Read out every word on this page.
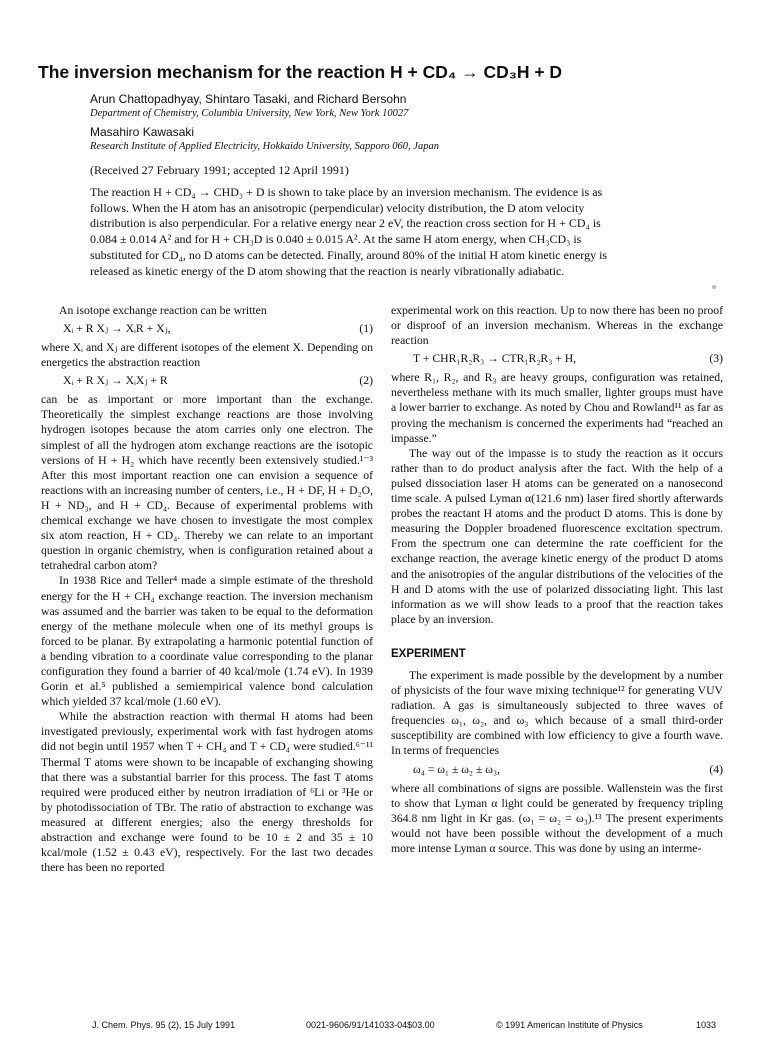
The inversion mechanism for the reaction H + CD₄ → CD₃H + D

Arun Chattopadhyay, Shintaro Tasaki, and Richard Bersohn

Department of Chemistry, Columbia University, New York, New York 10027

Masahiro Kawasaki

Research Institute of Applied Electricity, Hokkaido University, Sapporo 060, Japan

(Received 27 February 1991; accepted 12 April 1991)

The reaction H + CD₄ → CHD₃ + D is shown to take place by an inversion mechanism. The evidence is as follows. When the H atom has an anisotropic (perpendicular) velocity distribution, the D atom velocity distribution is also perpendicular. For a relative energy near 2 eV, the reaction cross section for H + CD₄ is 0.084 ± 0.014 A² and for H + CH₃D is 0.040 ± 0.015 A². At the same H atom energy, when CH₃CD₃ is substituted for CD₄, no D atoms can be detected. Finally, around 80% of the initial H atom kinetic energy is released as kinetic energy of the D atom showing that the reaction is nearly vibrationally adiabatic.

An isotope exchange reaction can be written

Xᵢ + R Xⱼ → XᵢR + Xⱼ,	(1)

where Xᵢ and Xⱼ are different isotopes of the element X. Depending on energetics the abstraction reaction

Xᵢ + R Xⱼ → XᵢXⱼ + R	(2)

can be as important or more important than the exchange. Theoretically the simplest exchange reactions are those involving hydrogen isotopes because the atom carries only one electron. The simplest of all the hydrogen atom exchange reactions are the isotopic versions of H + H₂ which have recently been extensively studied.¹⁻³ After this most important reaction one can envision a sequence of reactions with an increasing number of centers, i.e., H + DF, H + D₂O, H + ND₃, and H + CD₄. Because of experimental problems with chemical exchange we have chosen to investigate the most complex six atom reaction, H + CD₄. Thereby we can relate to an important question in organic chemistry, when is configuration retained about a tetrahedral carbon atom?

In 1938 Rice and Teller⁴ made a simple estimate of the threshold energy for the H + CH₄ exchange reaction. The inversion mechanism was assumed and the barrier was taken to be equal to the deformation energy of the methane molecule when one of its methyl groups is forced to be planar. By extrapolating a harmonic potential function of a bending vibration to a coordinate value corresponding to the planar configuration they found a barrier of 40 kcal/mole (1.74 eV). In 1939 Gorin et al.⁵ published a semiempirical valence bond calculation which yielded 37 kcal/mole (1.60 eV).

While the abstraction reaction with thermal H atoms had been investigated previously, experimental work with fast hydrogen atoms did not begin until 1957 when T + CH₄ and T + CD₄ were studied.⁶⁻¹¹ Thermal T atoms were shown to be incapable of exchanging showing that there was a substantial barrier for this process. The fast T atoms required were produced either by neutron irradiation of ⁶Li or ³He or by photodissociation of TBr. The ratio of abstraction to exchange was measured at different energies; also the energy thresholds for abstraction and exchange were found to be 10 ± 2 and 35 ± 10 kcal/mole (1.52 ± 0.43 eV), respectively. For the last two decades there has been no reported

experimental work on this reaction. Up to now there has been no proof or disproof of an inversion mechanism. Whereas in the exchange reaction

T + CHR₁R₂R₃ → CTR₁R₂R₃ + H,	(3)

where R₁, R₂, and R₃ are heavy groups, configuration was retained, nevertheless methane with its much smaller, lighter groups must have a lower barrier to exchange. As noted by Chou and Rowland¹¹ as far as proving the mechanism is concerned the experiments had “reached an impasse.”

The way out of the impasse is to study the reaction as it occurs rather than to do product analysis after the fact. With the help of a pulsed dissociation laser H atoms can be generated on a nanosecond time scale. A pulsed Lyman α(121.6 nm) laser fired shortly afterwards probes the reactant H atoms and the product D atoms. This is done by measuring the Doppler broadened fluorescence excitation spectrum. From the spectrum one can determine the rate coefficient for the exchange reaction, the average kinetic energy of the product D atoms and the anisotropies of the angular distributions of the velocities of the H and D atoms with the use of polarized dissociating light. This last information as we will show leads to a proof that the reaction takes place by an inversion.

EXPERIMENT

The experiment is made possible by the development by a number of physicists of the four wave mixing technique¹² for generating VUV radiation. A gas is simultaneously subjected to three waves of frequencies ω₁, ω₂, and ω₃ which because of a small third-order susceptibility are combined with low efficiency to give a fourth wave. In terms of frequencies

ω₄ = ω₁ ± ω₂ ± ω₃,	(4)

where all combinations of signs are possible. Wallenstein was the first to show that Lyman α light could be generated by frequency tripling 364.8 nm light in Kr gas. (ω₁ = ω₂ = ω₃).¹³ The present experiments would not have been possible without the development of a much more intense Lyman α source. This was done by using an interme-

J. Chem. Phys. 95 (2), 15 July 1991	0021-9606/91/141033-04$03.00	© 1991 American Institute of Physics	1033
